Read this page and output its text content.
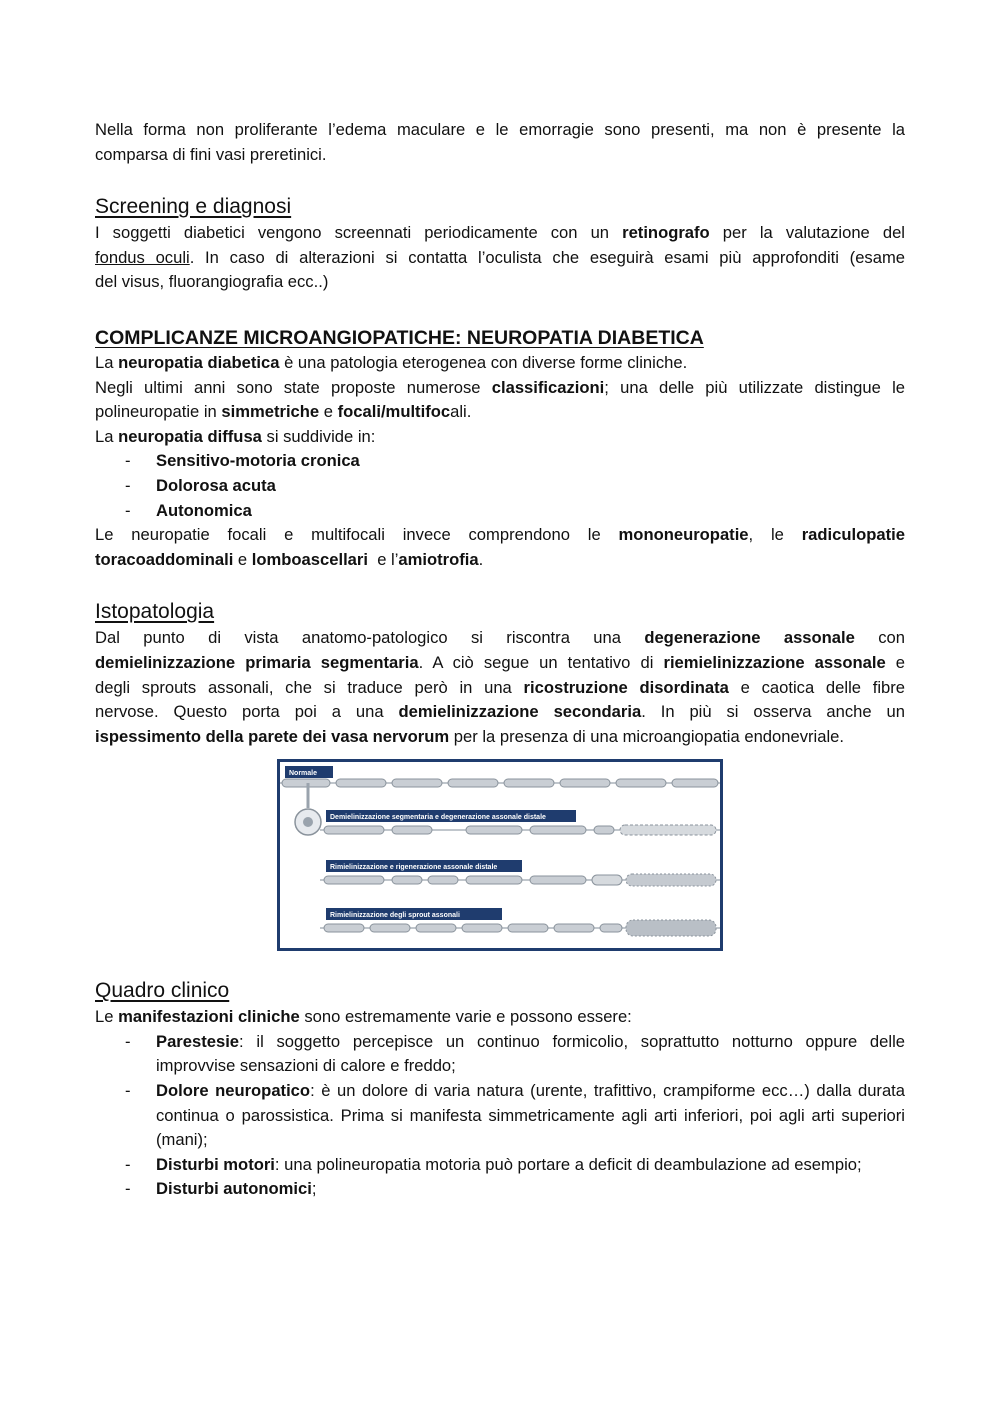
Nella forma non proliferante l’edema maculare e le emorragie sono presenti, ma non è presente la

comparsa di fini vasi preretinici.

Screening e diagnosi

I soggetti diabetici vengono screennati periodicamente con un retinografo per la valutazione del

fondus oculi. In caso di alterazioni si contatta l’oculista che eseguirà esami più approfonditi (esame

del visus, fluorangiografia ecc..)

COMPLICANZE MICROANGIOPATICHE: NEUROPATIA DIABETICA

La neuropatia diabetica è una patologia eterogenea con diverse forme cliniche.

Negli ultimi anni sono state proposte numerose classificazioni; una delle più utilizzate distingue le

polineuropatie in simmetriche e focali/multifocali.

La neuropatia diffusa si suddivide in:

- Sensitivo-motoria cronica
- Dolorosa acuta
- Autonomica

Le neuropatie focali e multifocali invece comprendono le mononeuropatie, le radiculopatie

toracoaddominali e lomboascellari  e l’amiotrofia.

Istopatologia

Dal punto di vista anatomo-patologico si riscontra una degenerazione assonale con

demielinizzazione primaria segmentaria. A ciò segue un tentativo di riemielinizzazione assonale e

degli sprouts assonali, che si traduce però in una ricostruzione disordinata e caotica delle fibre

nervose. Questo porta poi a una demielinizzazione secondaria. In più si osserva anche un

ispessimento della parete dei vasa nervorum per la presenza di una microangiopatia endonevriale.

Normale
Demielinizzazione segmentaria e degenerazione assonale distale
Rimielinizzazione e rigenerazione assonale distale
Rimielinizzazione degli sprout assonali
Quadro clinico

Le manifestazioni cliniche sono estremamente varie e possono essere:

- Parestesie: il soggetto percepisce un continuo formicolio, soprattutto notturno oppure delle improvvise sensazioni di calore e freddo;
- Dolore neuropatico: è un dolore di varia natura (urente, trafittivo, crampiforme ecc…) dalla durata continua o parossistica. Prima si manifesta simmetricamente agli arti inferiori, poi agli arti superiori (mani);
- Disturbi motori: una polineuropatia motoria può portare a deficit di deambulazione ad esempio;
- Disturbi autonomici;
